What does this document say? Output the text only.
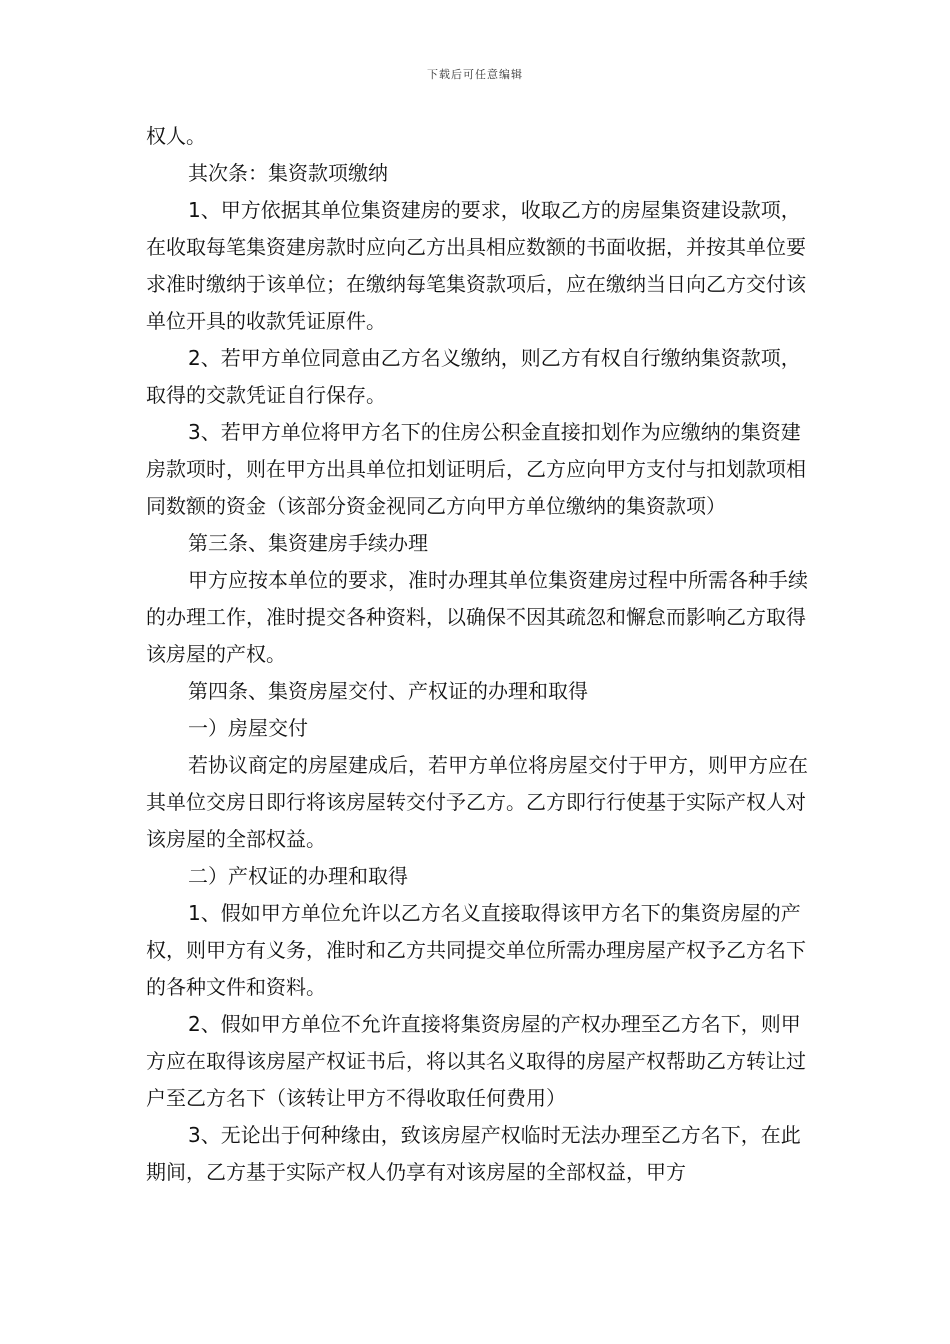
下载后可任意编辑

权人。

其次条：集资款项缴纳

1、甲方依据其单位集资建房的要求，收取乙方的房屋集资建设款项，在收取每笔集资建房款时应向乙方出具相应数额的书面收据，并按其单位要求准时缴纳于该单位；在缴纳每笔集资款项后，应在缴纳当日向乙方交付该单位开具的收款凭证原件。

2、若甲方单位同意由乙方名义缴纳，则乙方有权自行缴纳集资款项，取得的交款凭证自行保存。

3、若甲方单位将甲方名下的住房公积金直接扣划作为应缴纳的集资建房款项时，则在甲方出具单位扣划证明后，乙方应向甲方支付与扣划款项相同数额的资金（该部分资金视同乙方向甲方单位缴纳的集资款项）

第三条、集资建房手续办理

甲方应按本单位的要求，准时办理其单位集资建房过程中所需各种手续的办理工作，准时提交各种资料，以确保不因其疏忽和懈怠而影响乙方取得该房屋的产权。

第四条、集资房屋交付、产权证的办理和取得

一）房屋交付

若协议商定的房屋建成后，若甲方单位将房屋交付于甲方，则甲方应在其单位交房日即行将该房屋转交付予乙方。乙方即行行使基于实际产权人对该房屋的全部权益。

二）产权证的办理和取得

1、假如甲方单位允许以乙方名义直接取得该甲方名下的集资房屋的产权，则甲方有义务，准时和乙方共同提交单位所需办理房屋产权予乙方名下的各种文件和资料。

2、假如甲方单位不允许直接将集资房屋的产权办理至乙方名下，则甲方应在取得该房屋产权证书后，将以其名义取得的房屋产权帮助乙方转让过户至乙方名下（该转让甲方不得收取任何费用）

3、无论出于何种缘由，致该房屋产权临时无法办理至乙方名下，在此期间，乙方基于实际产权人仍享有对该房屋的全部权益，甲方
